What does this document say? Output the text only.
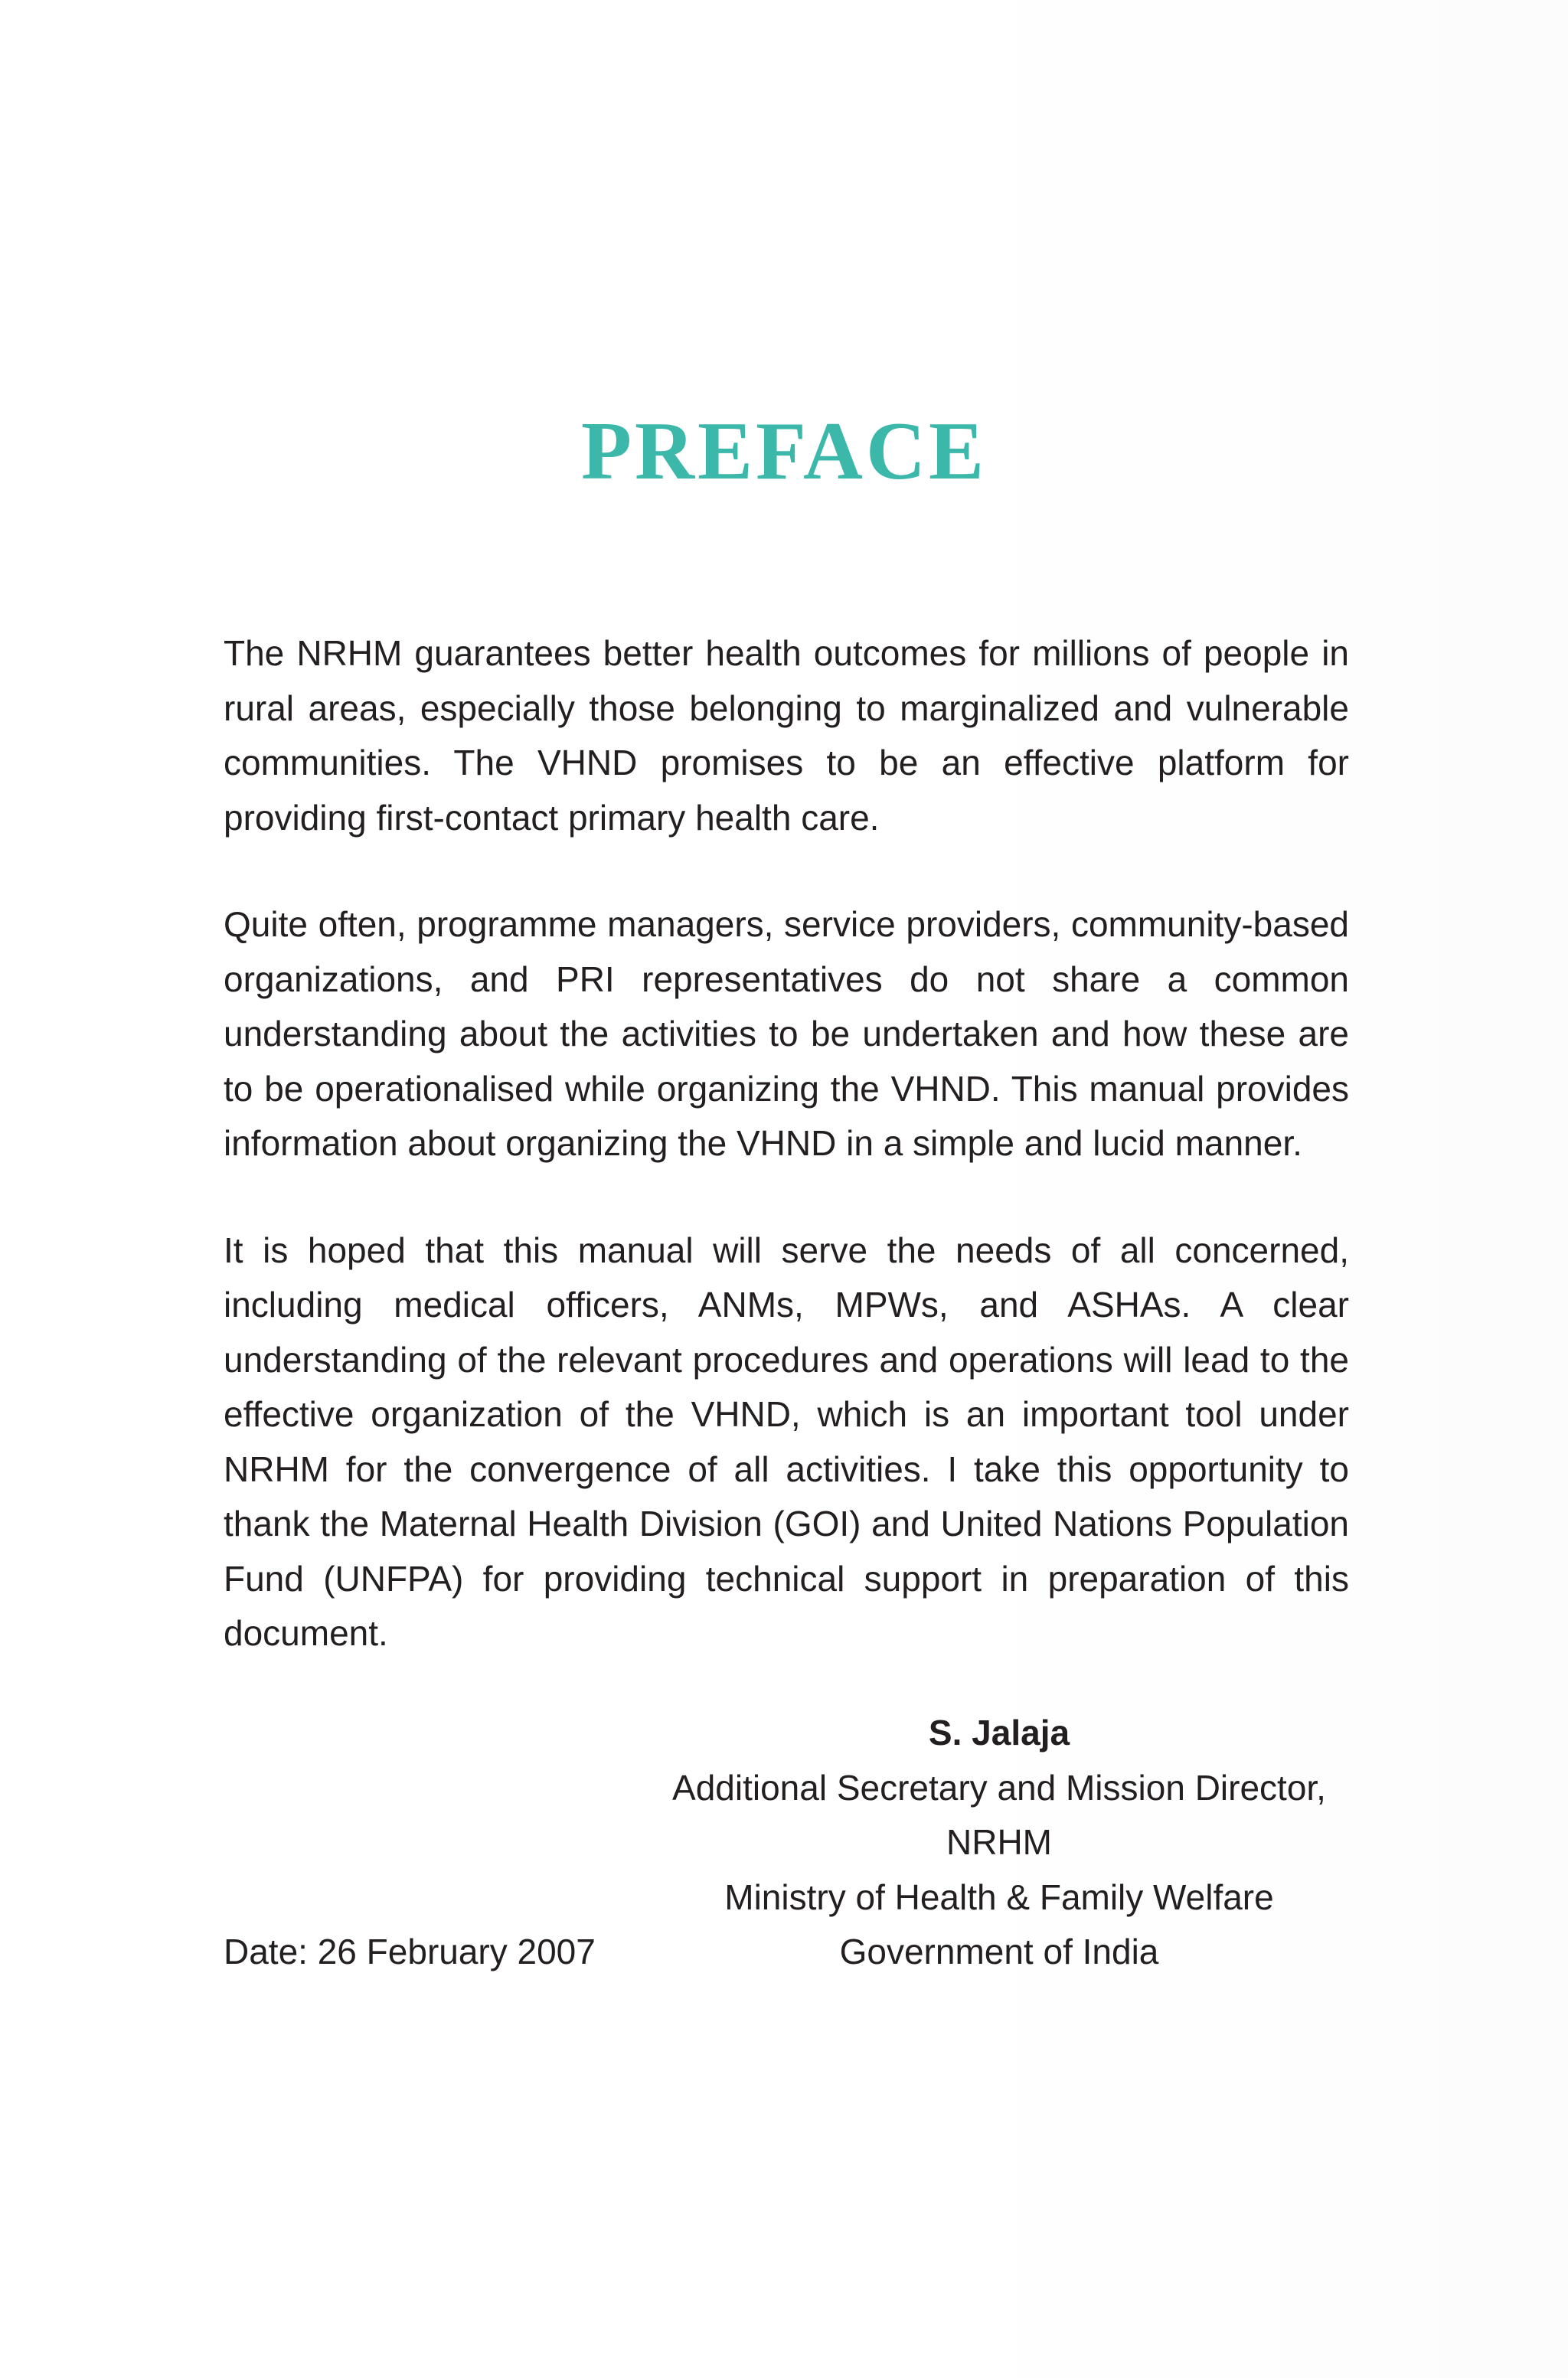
PREFACE

The NRHM guarantees better health outcomes for millions of people in rural areas, especially those belonging to marginalized and vulnerable communities. The VHND promises to be an effective platform for providing first-contact primary health care.

Quite often, programme managers, service providers, community-based organizations, and PRI representatives do not share a common understanding about the activities to be undertaken and how these are to be operationalised while organizing the VHND. This manual provides information about organizing the VHND in a simple and lucid manner.

It is hoped that this manual will serve the needs of all concerned, including medical officers, ANMs, MPWs, and ASHAs. A clear understanding of the relevant procedures and operations will lead to the effective organization of the VHND, which is an important tool under NRHM for the convergence of all activities. I take this opportunity to thank the Maternal Health Division (GOI) and United Nations Population Fund (UNFPA) for providing technical support in preparation of this document.

S. Jalaja
Additional Secretary and Mission Director,
NRHM
Ministry of Health & Family Welfare
Government of India
Date: 26 February 2007
